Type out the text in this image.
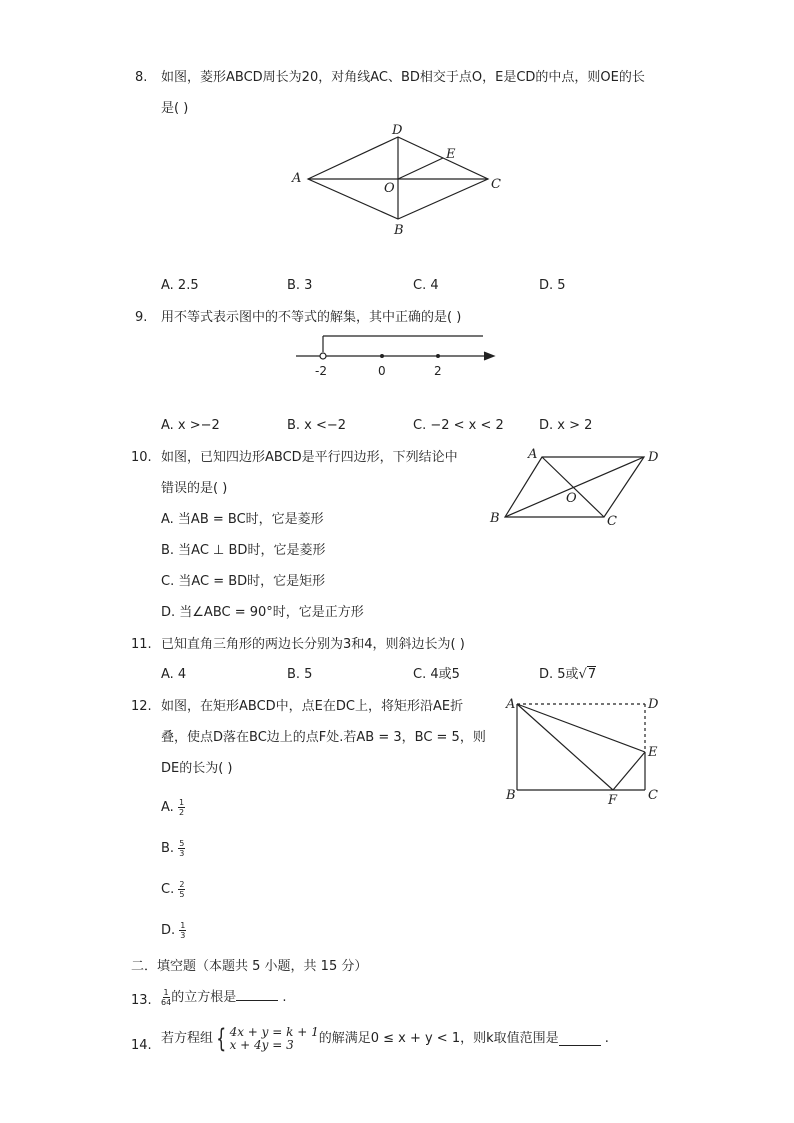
8. 如图，菱形ABCD周长为20，对角线AC、BD相交于点O，E是CD的中点，则OE的长
是( )
D
A	C
B
E
O
A. 2.5	B. 3	C. 4	D. 5
9. 用不等式表示图中的不等式的解集，其中正确的是( )
-2	0	2
A. x >−2	B. x <−2	C. −2 < x < 2	D. x > 2
10. 如图，已知四边形ABCD是平行四边形，下列结论中
错误的是( )
A. 当AB = BC时，它是菱形
B. 当AC ⊥ BD时，它是菱形
C. 当AC = BD时，它是矩形
D. 当∠ABC = 90°时，它是正方形
A	D
B	C
O
11. 已知直角三角形的两边长分别为3和4，则斜边长为( )
A. 4	B. 5	C. 4或5	D. 5或√7
12. 如图，在矩形ABCD中，点E在DC上，将矩形沿AE折
叠，使点D落在BC边上的点F处.若AB = 3，BC = 5，则
DE的长为( )
A	D
E
B	F C
A. $\frac{1}{2}$
B. $\frac{5}{3}$
C. $\frac{2}{5}$
D. $\frac{1}{3}$
二．填空题（本题共 5 小题，共 15 分）
13. $\frac{1}{64}$ 的立方根是	.
14. 若方程组 { 4x + y = k + 1
x + 4y = 3	的解满足0 ≤ x + y < 1，则k取值范围是	.
